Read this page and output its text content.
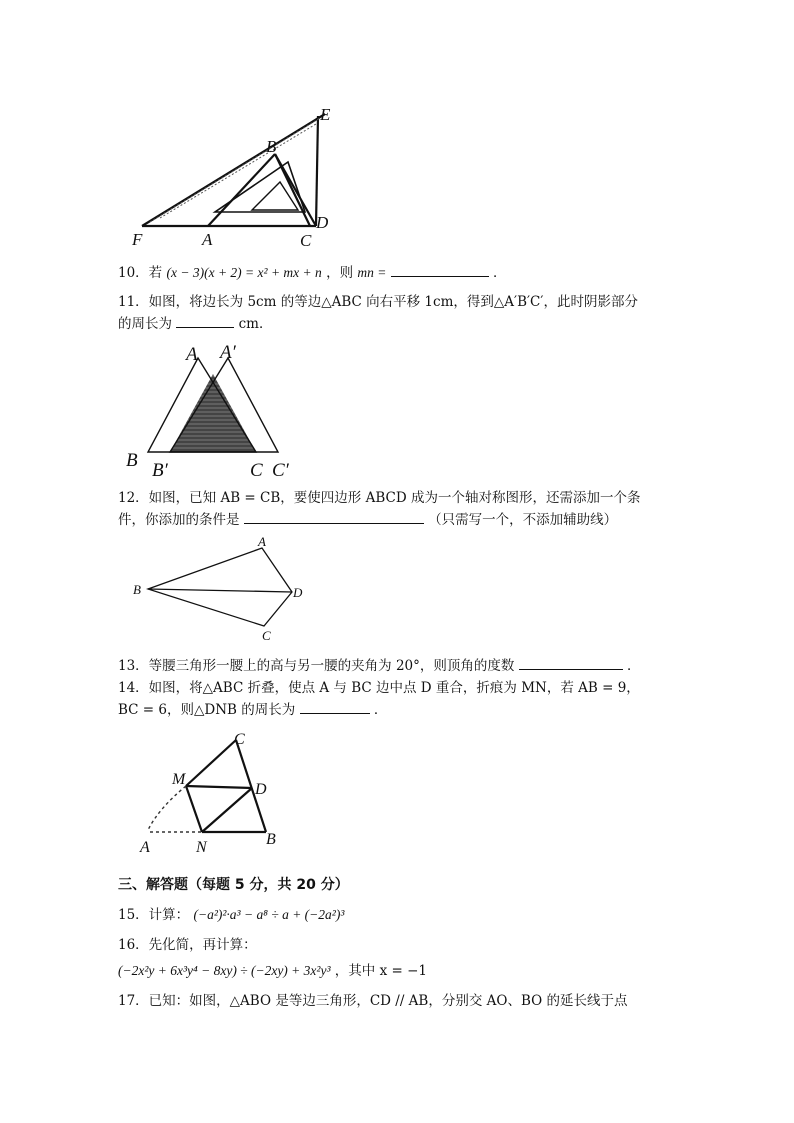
E
B
D
F	A	C
10．若 (x − 3)(x + 2) = x² + mx + n ，则 mn =	．
11．如图，将边长为 5cm 的等边△ABC 向右平移 1cm，得到△A′B′C′，此时阴影部分
的周长为	cm．
A A′
B B′	C C′
12．如图，已知 AB = CB，要使四边形 ABCD 成为一个轴对称图形，还需添加一个条
件，你添加的条件是	（只需写一个，不添加辅助线）
A
B	D
C
13．等腰三角形一腰上的高与另一腰的夹角为 20°，则顶角的度数	．
14．如图，将△ABC 折叠，使点 A 与 BC 边中点 D 重合，折痕为 MN，若 AB = 9，
BC = 6，则△DNB 的周长为	．
C
M
D
A	N	B
三、解答题（每题 5 分，共 20 分）
15．计算： (−a²)²·a³ − a⁸ ÷ a + (−2a²)³
16．先化简，再计算：
(−2x²y + 6x³y⁴ − 8xy) ÷ (−2xy) + 3x²y³ ，其中 x = −1
17．已知：如图，△ABO 是等边三角形，CD // AB，分别交 AO、BO 的延长线于点
